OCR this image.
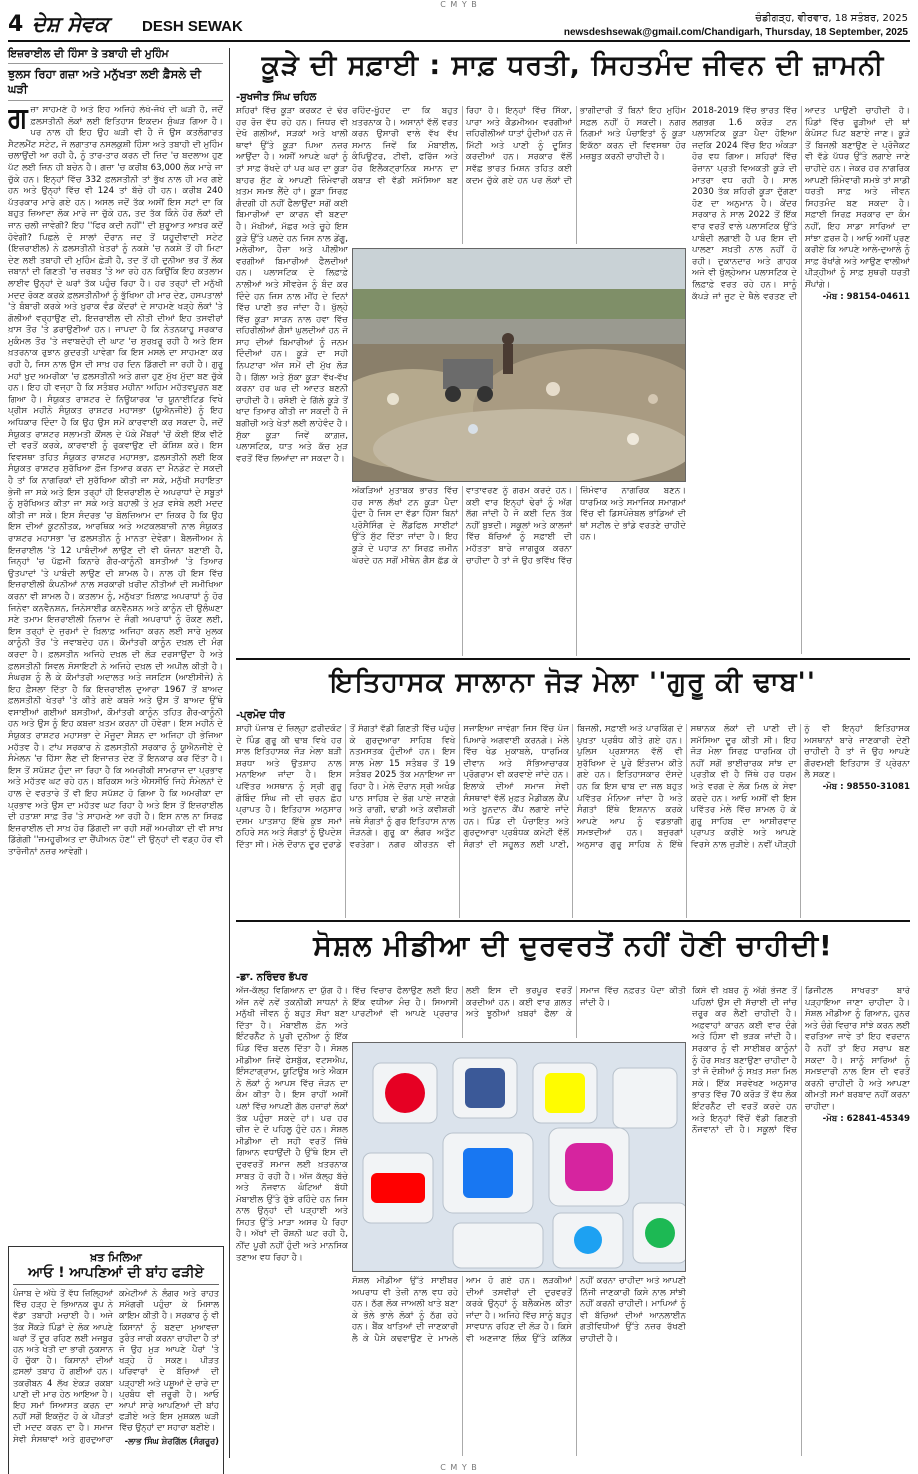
C M Y B
4 ਦੇਸ਼ ਸੇਵਕ DESH SEWAK	ਚੰਡੀਗੜ੍ਹ, ਵੀਰਵਾਰ, 18 ਸਤੰਬਰ, 2025
newsdeshsewak@gmail.com/Chandigarh, Thursday, 18 September, 2025
ਇਜ਼ਰਾਈਲ ਦੀ ਹਿੰਸਾ ਤੇ ਤਬਾਹੀ ਦੀ ਮੁਹਿੰਮ
ਝੁਲਸ ਰਿਹਾ ਗਜ਼ਾ ਅਤੇ ਮਨੁੱਖਤਾ ਲਈ ਫ਼ੈਸਲੇ ਦੀ ਘੜੀ
ਗ ਜ਼ਾ ਸਾਹਮਣੇ ਹੈ ਅਤੇ ਇਹ ਅਜਿਹੇ ਲੇਖੇ-ਜੋਖੇ ਦੀ ਘੜੀ ਹੈ, ਜਦੋਂ ਫ਼ਲਸਤੀਨੀ ਲੋਕਾਂ ਲਈ ਇਤਿਹਾਸ ਇਕਦਮ ਸੁੰਘੜ ਗਿਆ ਹੈ। ਪਰ ਨਾਲ ਹੀ ਇਹ ਉਹ ਘੜੀ ਵੀ ਹੈ ਜੋ ਉਸ ਕਤਲੋਗਾਰਤ ਸੈਟਲਮੈਂਟ ਸਟੇਟ, ਜੋ ਲਗਾਤਾਰ ਨਸਲਕੁਸ਼ੀ ਹਿੰਸਾ ਅਤੇ ਤਬਾਹੀ ਦੀ ਮੁਹਿੰਮ ਚਲਾਉਂਦੀ ਆ ਰਹੀ ਹੈ, ਨੂੰ ਤਾਰ-ਤਾਰ ਕਰਨ ਦੀ ਜ਼ਿਦ 'ਚ ਬਦਲਾਅ ਹੁਣ ਪੱਟ ਲਈ ਜਿਨ ਹੀ ਬਚੇਨ ਹੈ। ਗਜ਼ਾ 'ਚ ਕਰੀਬ 63,000 ਲੋਕ ਮਾਰੇ ਜਾ ਚੁੱਕੇ ਹਨ। ਇਨ੍ਹਾਂ ਵਿੱਚ 332 ਫ਼ਲਸਤੀਨੀ ਤਾਂ ਭੁੱਖ ਨਾਲ ਹੀ ਮਰ ਗਏ ਹਨ ਅਤੇ ਉਨ੍ਹਾਂ ਵਿੱਚ ਵੀ 124 ਤਾਂ ਬੱਚੇ ਹੀ ਹਨ। ਕਰੀਬ 240 ਪੱਤਰਕਾਰ ਮਾਰੇ ਗਏ ਹਨ। ਅਸਲ ਜਦੋਂ ਤੱਕ ਅਸੀਂ ਇਸ ਸਟਾਂ ਦਾ ਕਿ ਬਹੁਤ ਜ਼ਿਆਦਾ ਲੋਕ ਮਾਰੇ ਜਾ ਚੁੱਕੇ ਹਨ, ਤਦ ਤੱਕ ਕਿੰਨੇ ਹੋਰ ਲੋਕਾਂ ਦੀ ਜਾਨ ਚਲੀ ਜਾਵੇਗੀ? ਇਹ ''ਫਿਰ ਕਦੀ ਨਹੀਂ'' ਦੀ ਸ਼ੁਰੂਆਤ ਆਖ਼ਰ ਕਦੋਂ ਹੋਵੇਗੀ? ਪਿਛਲੇ ਦੋ ਸਾਲਾਂ ਦੌਰਾਨ ਜਦ ਤੋਂ ਯਹੂਦੀਵਾਦੀ ਸਟੇਟ (ਇਜ਼ਰਾਈਲ) ਨੇ ਫ਼ਲਸਤੀਨੀ ਖ਼ੇਤਰਾਂ ਨੂੰ ਨਕਸ਼ੇ 'ਚ ਨਕਸ਼ੇ ਤੋਂ ਹੀ ਮਿਟਾ ਦੇਣ ਲਈ ਤਬਾਹੀ ਦੀ ਮੁਹਿੰਮ ਛੇੜੀ ਹੈ, ਤਦ ਤੋਂ ਹੀ ਦੁਨੀਆ ਭਰ ਤੋਂ ਲੋਕ ਜ਼ਬਾਨਾਂ ਦੀ ਗਿਣਤੀ 'ਚ ਜ਼ਰਬਤ 'ਤੇ ਆ ਰਹੇ ਹਨ ਕਿਉਂਕਿ ਇਹ ਕਤਲਾਮ ਲਾਈਵ ਉਨ੍ਹਾਂ ਦੇ ਘਰਾਂ ਤੱਕ ਪਹੁੰਚ ਰਿਹਾ ਹੈ। ਹਰ ਤਰ੍ਹਾਂ ਦੀ ਮਨੁੱਖੀ ਮਦਦ ਰੋਕਣ ਕਰਕੇ ਫ਼ਲਸਤੀਨੀਆਂ ਨੂੰ ਭੁੱਖਿਆ ਹੀ ਮਾਰ ਦੇਣ, ਹਸਪਤਾਲਾਂ 'ਤੇ ਬੰਬਾਰੀ ਕਰਕੇ ਅਤੇ ਖ਼ੁਰਾਕ ਵੰਡ ਕੇਂਦਰਾਂ ਦੇ ਸਾਹਮਣੇ ਖੜ੍ਹੇ ਲੋਕਾਂ 'ਤੇ ਗੋਲੀਆਂ ਵਰ੍ਹਾਉਣ ਦੀ, ਇਜ਼ਰਾਈਲ ਦੀ ਨੀਤੀ ਦੀਆਂ ਇਹ ਤਸਵੀਰਾਂ ਖ਼ਾਸ ਤੌਰ 'ਤੇ ਡਰਾਉਣੀਆਂ ਹਨ। ਜਾਪਦਾ ਹੈ ਕਿ ਨੇਤਨਯਾਹੂ ਸਰਕਾਰ ਮੁਕੰਮਲ ਤੌਰ 'ਤੇ ਜਵਾਬਦੇਹੀ ਦੀ ਘਾਟ 'ਚ ਸੁਰਖ਼ਰੂ ਰਹੀ ਹੈ ਅਤੇ ਇਸ ਖ਼ਤਰਨਾਕ ਰੁਝਾਨ ਕੁਦਰਤੀ ਪਾਵੇਗਾ ਕਿ ਇਸ ਮਸਲੇ ਦਾ ਸਾਹਮਣਾ ਕਰ ਰਹੀ ਹੈ, ਜਿਸ ਨਾਲ ਉਸ ਦੀ ਸਾਖ਼ ਹਰ ਦਿਨ ਡਿੱਗਦੀ ਜਾ ਰਹੀ ਹੈ। ਗੁਰੂ ਮਹਾਂ ਖ਼ੁਦ ਅਮਰੀਕਾ 'ਚ ਫ਼ਲਸਤੀਨੀ ਅਤੇ ਗਜ਼ਾ ਹੁਣ ਮੁੱਖ ਮੁੱਦਾ ਬਣ ਚੁੱਕੇ ਹਨ। ਇਹ ਹੀ ਵਜ੍ਹਾ ਹੈ ਕਿ ਸਤੰਬਰ ਮਹੀਨਾ ਅਹਿਮ ਮਹੱਤਵਪੂਰਨ ਬਣ ਗਿਆ ਹੈ। ਸੰਯੁਕਤ ਰਾਸ਼ਟਰ ਦੇ ਨਿਊਯਾਰਕ 'ਚ ਯੂਨਾਈਟਿਡ ਵਿਖੇ ਪ੍ਰੀਸ ਮਹੀਨੇ ਸੰਯੁਕਤ ਰਾਸ਼ਟਰ ਮਹਾਸਭਾ (ਯੂਐਨਜੀਏ) ਨੂੰ ਇਹ ਅਧਿਕਾਰ ਦਿੰਦਾ ਹੈ ਕਿ ਉਹ ਉਸ ਸਮੇਂ ਕਾਰਵਾਈ ਕਰ ਸਕਦਾ ਹੈ, ਜਦੋਂ ਸੰਯੁਕਤ ਰਾਸ਼ਟਰ ਸਲਾਮਤੀ ਕੌਂਸਲ ਦੇ ਪੱਕੇ ਮੈਂਬਰਾਂ 'ਚੋਂ ਕੋਈ ਇੱਕ ਵੀਟੋ ਦੀ ਵਰਤੋਂ ਕਰਕੇ, ਕਾਰਵਾਈ ਨੂੰ ਰੁਕਵਾਉਣ ਦੀ ਕੋਸ਼ਿਸ਼ ਕਰੇ। ਇਸ ਵਿਵਸਥਾ ਤਹਿਤ ਸੰਯੁਕਤ ਰਾਸ਼ਟਰ ਮਹਾਸਭਾ, ਫ਼ਲਸਤੀਨੀ ਲਈ ਇਕ ਸੰਯੁਕਤ ਰਾਸ਼ਟਰ ਸੁਰੱਖਿਆ ਫ਼ੌਜ ਤਿਆਰ ਕਰਨ ਦਾ ਮੈਨਡੇਟ ਦੇ ਸਕਦੀ ਹੈ ਤਾਂ ਕਿ ਨਾਗਰਿਕਾਂ ਦੀ ਸੁਰੱਖਿਆ ਕੀਤੀ ਜਾ ਸਕੇ, ਮਨੁੱਖੀ ਸਹਾਇਤਾ ਭੇਜੀ ਜਾ ਸਕੇ ਅਤੇ ਇਸ ਤਰ੍ਹਾਂ ਹੀ ਇਜ਼ਰਾਈਲ ਦੇ ਅਪਰਾਧਾਂ ਦੇ ਸਬੂਤਾਂ ਨੂੰ ਸੁਰੱਖਿਅਤ ਕੀਤਾ ਜਾ ਸਕੇ ਅਤੇ ਬਹਾਲੀ ਤੇ ਮੁੜ ਵਸੇਬੇ ਲਈ ਮਦਦ ਕੀਤੀ ਜਾ ਸਕੇ। ਇਸ ਸੰਦਰਭ 'ਚ ਬੋਲਜ਼ਿਆਮ ਦਾ ਜ਼ਿਕਰ ਹੈ ਕਿ ਉਹ ਇਸ ਦੀਆਂ ਕੂਟਨੀਤਕ, ਆਰਥਿਕ ਅਤੇ ਅਟਕਲਬਾਜ਼ੀ ਨਾਲ ਸੰਯੁਕਤ ਰਾਸ਼ਟਰ ਮਹਾਸਭਾ 'ਚ ਫ਼ਲਸਤੀਨ ਨੂੰ ਮਾਨਤਾ ਦੇਵੇਗਾ। ਬੈਲਜੀਅਮ ਨੇ ਇਜ਼ਰਾਈਲ 'ਤੇ 12 ਪਾਬੰਦੀਆਂ ਲਾਉਣ ਦੀ ਵੀ ਯੋਜਨਾ ਬਣਾਈ ਹੈ, ਜਿਨ੍ਹਾਂ 'ਚ ਪੱਛਮੀ ਕਿਨਾਰੇ ਗੈਰ-ਕਾਨੂੰਨੀ ਬਸਤੀਆਂ 'ਤੇ ਤਿਆਰ ਉਤਪਾਦਾਂ 'ਤੇ ਪਾਬੰਦੀ ਲਾਉਣ ਦੀ ਸ਼ਾਮਲ ਹੈ। ਨਾਲ ਹੀ ਇਸ ਵਿੱਚ ਇਜ਼ਰਾਈਲੀ ਕੰਪਨੀਆਂ ਨਾਲ ਸਰਕਾਰੀ ਖ਼ਰੀਦ ਨੀਤੀਆਂ ਦੀ ਸਮੀਖਿਆ ਕਰਨਾ ਵੀ ਸ਼ਾਮਲ ਹੈ। ਕਤਲਾਮ ਨੂੰ, ਮਨੁੱਖਤਾ ਖ਼ਿਲਾਫ਼ ਅਪਰਾਧਾਂ ਨੂੰ ਹੋਰ ਜਿਨੇਵਾ ਕਨਵੈਨਸ਼ਨ, ਜਿਨੇਸਾਈਡ ਕਨਵੈਨਸ਼ਨ ਅਤੇ ਕਾਨੂੰਨ ਦੀ ਉਲੰਘਣਾ ਸਣੇ ਤਮਾਮ ਇਜ਼ਰਾਈਲੀ ਨਿਜ਼ਾਮ ਦੇ ਜੰਗੀ ਅਪਰਾਧਾਂ ਨੂੰ ਰੋਕਣ ਲਈ, ਇਸ ਤਰ੍ਹਾਂ ਦੇ ਜੁਰਮਾਂ ਦੇ ਖ਼ਿਲਾਫ਼ ਅਜਿਹਾ ਕਰਨ ਲਈ ਸਾਰੇ ਮੁਲਕ ਕਾਨੂੰਨੀ ਤੌਰ 'ਤੇ ਜਵਾਬਦੇਹ ਹਨ। ਕੌਮਾਂਤਰੀ ਕਾਨੂੰਨ ਦਖ਼ਲ ਦੀ ਮੰਗ ਕਰਦਾ ਹੈ। ਫ਼ਲਸਤੀਨ ਅਜਿਹੇ ਦਖ਼ਲ ਦੀ ਲੋੜ ਦਰਸਾਉਂਦਾ ਹੈ ਅਤੇ ਫ਼ਲਸਤੀਨੀ ਸਿਵਲ ਸੋਸਾਇਟੀ ਨੇ ਅਜਿਹੇ ਦਖ਼ਲ ਦੀ ਅਪੀਲ ਕੀਤੀ ਹੈ। ਸੰਘਰਸ਼ ਨੂੰ ਲੈ ਕੇ ਕੌਮਾਂਤਰੀ ਅਦਾਲਤ ਅਤੇ ਜਸਟਿਸ (ਆਈਸੀਜੇ) ਨੇ ਇਹ ਫ਼ੈਸਲਾ ਦਿੱਤਾ ਹੈ ਕਿ ਇਜ਼ਰਾਈਲ ਦੁਆਰਾ 1967 ਤੋਂ ਬਾਅਦ ਫ਼ਲਸਤੀਨੀ ਖੇਤਰਾਂ 'ਤੇ ਕੀਤੇ ਗਏ ਕਬਜ਼ੇ ਅਤੇ ਉਸ ਤੋਂ ਬਾਅਦ ਉੱਥੇ ਵਸਾਈਆਂ ਗਈਆਂ ਬਸਤੀਆਂ, ਕੌਮਾਂਤਰੀ ਕਾਨੂੰਨ ਤਹਿਤ ਗੈਰ-ਕਾਨੂੰਨੀ ਹਨ ਅਤੇ ਉਸ ਨੂੰ ਇਹ ਕਬਜ਼ਾ ਖ਼ਤਮ ਕਰਨਾ ਹੀ ਹੋਵੇਗਾ। ਇਸ ਮਹੀਨੇ ਦੇ ਸੰਯੁਕਤ ਰਾਸ਼ਟਰ ਮਹਾਸਭਾ ਦੇ ਮੌਜੂਦਾ ਸੈਸ਼ਨ ਦਾ ਅਜਿਹਾ ਹੀ ਭੇਜਿਆ ਮਹੱਤਵ ਹੈ। ਟਾਂਪ ਸਰਕਾਰ ਨੇ ਫ਼ਲਸਤੀਨੀ ਸਰਕਾਰ ਨੂੰ ਯੂਐਨਜੀਏ ਦੇ ਸੰਮੇਲਨ 'ਚ ਹਿੱਸਾ ਲੈਣ ਦੀ ਇਜਾਜ਼ਤ ਦੇਣ ਤੋਂ ਇਨਕਾਰ ਕਰ ਦਿੱਤਾ ਹੈ। ਇਸ ਤੋਂ ਸਪੱਸ਼ਟ ਹੁੰਦਾ ਜਾ ਰਿਹਾ ਹੈ ਕਿ ਅਮਰੀਕੀ ਸਾਮਰਾਜ ਦਾ ਪ੍ਰਭਾਵ ਅਤੇ ਮਹੱਤਵ ਘਟ ਰਹੇ ਹਨ। ਬਰਿਕਸ ਅਤੇ ਐਸਸੀਓ ਜਿਹੇ ਸੰਮੇਲਨਾਂ ਦੇ ਹਾਲ ਦੇ ਵਰਤਾਰੇ ਤੋਂ ਵੀ ਇਹ ਸਪੱਸ਼ਟ ਹੋ ਗਿਆ ਹੈ ਕਿ ਅਮਰੀਕਾ ਦਾ ਪ੍ਰਭਾਵ ਅਤੇ ਉਸ ਦਾ ਮਹੱਤਵ ਘਟ ਰਿਹਾ ਹੈ ਅਤੇ ਇਸ ਤੋਂ ਇਜ਼ਰਾਈਲ ਦੀ ਹਤਾਸ਼ਾ ਸਾਫ਼ ਤੌਰ 'ਤੇ ਸਾਹਮਣੇ ਆ ਰਹੀ ਹੈ। ਇਸ ਨਾਲ ਨਾ ਸਿਰਫ਼ ਇਜ਼ਰਾਈਲ ਦੀ ਸਾਖ਼ ਹੋਰ ਡਿੱਗਦੀ ਜਾ ਰਹੀ ਸਗੋਂ ਅਮਰੀਕਾ ਦੀ ਵੀ ਸਾਖ਼ ਡਿੱਗੇਗੀ ''ਜਮਹੂਰੀਅਤ ਦਾ ਚੈਂਪੀਅਨ ਹੋਣ'' ਦੀ ਉਨ੍ਹਾਂ ਦੀ ਵਡ੍ਹ ਹੋਰ ਵੀ ਤਾਰੋਜੀਨਾਂ ਨਜ਼ਰ ਆਵੇਗੀ।
ਖ਼ਤ ਮਿਲਿਆ
ਆਓ ! ਆਪਣਿਆਂ ਦੀ ਬਾਂਹ ਫੜੀਏ
ਪੰਜਾਬ ਦੇ ਅੱਧੇ ਤੋਂ ਵੱਧ ਜ਼ਿਲ੍ਹਿਆਂ ਵਿੱਚ ਹੜ੍ਹ ਦੇ ਭਿਆਨਕ ਰੂਪ ਨੇ ਵੱਡਾ ਤਬਾਹੀ ਮਚਾਈ ਹੈ। ਅਜੇ ਤੱਕ ਸੈਂਕੜੇ ਪਿੰਡਾਂ ਦੇ ਲੋਕ ਆਪਣੇ ਘਰਾਂ ਤੋਂ ਦੂਰ ਰਹਿਣ ਲਈ ਮਜਬੂਰ ਹਨ ਅਤੇ ਖੇਤੀ ਦਾ ਭਾਰੀ ਨੁਕਸਾਨ ਹੋ ਚੁੱਕਾ ਹੈ। ਕਿਸਾਨਾਂ ਦੀਆਂ ਫ਼ਸਲਾਂ ਤਬਾਹ ਹੋ ਗਈਆਂ ਹਨ। ਤਕਰੀਬਨ 4 ਲੱਖ ਏਕੜ ਰਕਬਾ ਪਾਣੀ ਦੀ ਮਾਰ ਹੇਠ ਆਇਆ ਹੈ। ਇਹ ਸਮਾਂ ਸਿਆਸਤ ਕਰਨ ਦਾ ਨਹੀਂ ਸਗੋਂ ਇਕਜੁੱਟ ਹੋ ਕੇ ਪੀੜਤਾਂ ਦੀ ਮਦਦ ਕਰਨ ਦਾ ਹੈ। ਸਮਾਜ ਸੇਵੀ ਸੰਸਥਾਵਾਂ ਅਤੇ ਗੁਰਦੁਆਰਾ ਕਮੇਟੀਆਂ ਨੇ ਲੰਗਰ ਅਤੇ ਰਾਹਤ ਸਮੱਗਰੀ ਪਹੁੰਚਾ ਕੇ ਮਿਸਾਲ ਕਾਇਮ ਕੀਤੀ ਹੈ। ਸਰਕਾਰ ਨੂੰ ਵੀ ਕਿਸਾਨਾਂ ਨੂੰ ਬਣਦਾ ਮੁਆਵਜ਼ਾ ਤੁਰੰਤ ਜਾਰੀ ਕਰਨਾ ਚਾਹੀਦਾ ਹੈ ਤਾਂ ਜੋ ਉਹ ਮੁੜ ਆਪਣੇ ਪੈਰਾਂ 'ਤੇ ਖੜ੍ਹੇ ਹੋ ਸਕਣ। ਪੀੜਤ ਪਰਿਵਾਰਾਂ ਦੇ ਬੱਚਿਆਂ ਦੀ ਪੜ੍ਹਾਈ ਅਤੇ ਪਸ਼ੂਆਂ ਦੇ ਚਾਰੇ ਦਾ ਪ੍ਰਬੰਧ ਵੀ ਜ਼ਰੂਰੀ ਹੈ। ਆਓ ਆਪਾਂ ਸਾਰੇ ਆਪਣਿਆਂ ਦੀ ਬਾਂਹ ਫੜੀਏ ਅਤੇ ਇਸ ਮੁਸ਼ਕਲ ਘੜੀ ਵਿੱਚ ਉਨ੍ਹਾਂ ਦਾ ਸਹਾਰਾ ਬਣੀਏ।
-ਲਾਭ ਸਿੰਘ ਸ਼ੇਰਗਿੱਲ (ਸੰਗਰੂਰ)
ਕੂੜੇ ਦੀ ਸਫ਼ਾਈ : ਸਾਫ਼ ਧਰਤੀ, ਸਿਹਤਮੰਦ ਜੀਵਨ ਦੀ ਜ਼ਾਮਨੀ
-ਸੁਖਜੀਤ ਸਿੰਘ ਚਹਿਲ
ਸ਼ਹਿਰਾਂ ਵਿੱਚ ਕੂੜਾ ਕਰਕਟ ਦੇ ਢੇਰ ਹਰ ਰੋਜ਼ ਵੱਧ ਰਹੇ ਹਨ। ਜਿਧਰ ਵੀ ਦੇਖੋ ਗਲੀਆਂ, ਸੜਕਾਂ ਅਤੇ ਖਾਲੀ ਥਾਵਾਂ ਉੱਤੇ ਕੂੜਾ ਪਿਆ ਨਜ਼ਰ ਆਉਂਦਾ ਹੈ। ਅਸੀਂ ਆਪਣੇ ਘਰਾਂ ਨੂੰ ਤਾਂ ਸਾਫ਼ ਰੱਖਦੇ ਹਾਂ ਪਰ ਘਰ ਦਾ ਕੂੜਾ ਬਾਹਰ ਸੁੱਟ ਕੇ ਆਪਣੀ ਜ਼ਿੰਮੇਵਾਰੀ ਖ਼ਤਮ ਸਮਝ ਲੈਂਦੇ ਹਾਂ। ਕੂੜਾ ਸਿਰਫ਼ ਗੰਦਗੀ ਹੀ ਨਹੀਂ ਫੈਲਾਉਂਦਾ ਸਗੋਂ ਕਈ ਬਿਮਾਰੀਆਂ ਦਾ ਕਾਰਨ ਵੀ ਬਣਦਾ ਹੈ। ਮੱਖੀਆਂ, ਮੱਛਰ ਅਤੇ ਚੂਹੇ ਇਸ ਕੂੜੇ ਉੱਤੇ ਪਲਦੇ ਹਨ ਜਿਸ ਨਾਲ ਡੇਂਗੂ, ਮਲੇਰੀਆ, ਹੈਜ਼ਾ ਅਤੇ ਪੀਲੀਆ ਵਰਗੀਆਂ ਬਿਮਾਰੀਆਂ ਫੈਲਦੀਆਂ ਹਨ। ਪਲਾਸਟਿਕ ਦੇ ਲਿਫ਼ਾਫ਼ੇ ਨਾਲੀਆਂ ਅਤੇ ਸੀਵਰੇਜ ਨੂੰ ਬੰਦ ਕਰ ਦਿੰਦੇ ਹਨ ਜਿਸ ਨਾਲ ਮੀਂਹ ਦੇ ਦਿਨਾਂ ਵਿੱਚ ਪਾਣੀ ਭਰ ਜਾਂਦਾ ਹੈ। ਖੁੱਲ੍ਹੇ ਵਿੱਚ ਕੂੜਾ ਸਾੜਨ ਨਾਲ ਹਵਾ ਵਿੱਚ ਜ਼ਹਿਰੀਲੀਆਂ ਗੈਸਾਂ ਘੁਲਦੀਆਂ ਹਨ ਜੋ ਸਾਹ ਦੀਆਂ ਬਿਮਾਰੀਆਂ ਨੂੰ ਜਨਮ ਦਿੰਦੀਆਂ ਹਨ। ਕੂੜੇ ਦਾ ਸਹੀ ਨਿਪਟਾਰਾ ਅੱਜ ਸਮੇਂ ਦੀ ਮੁੱਖ ਲੋੜ ਹੈ। ਗਿੱਲਾ ਅਤੇ ਸੁੱਕਾ ਕੂੜਾ ਵੱਖ-ਵੱਖ ਕਰਨਾ ਹਰ ਘਰ ਦੀ ਆਦਤ ਬਣਨੀ ਚਾਹੀਦੀ ਹੈ। ਰਸੋਈ ਦੇ ਗਿੱਲੇ ਕੂੜੇ ਤੋਂ ਖਾਦ ਤਿਆਰ ਕੀਤੀ ਜਾ ਸਕਦੀ ਹੈ ਜੋ ਬਗੀਚੀ ਅਤੇ ਖੇਤਾਂ ਲਈ ਲਾਹੇਵੰਦ ਹੈ। ਸੁੱਕਾ ਕੂੜਾ ਜਿਵੇਂ ਕਾਗ਼ਜ਼, ਪਲਾਸਟਿਕ, ਧਾਤ ਅਤੇ ਕੱਚ ਮੁੜ ਵਰਤੋਂ ਵਿੱਚ ਲਿਆਂਦਾ ਜਾ ਸਕਦਾ ਹੈ।
ਰਹਿੰਦ-ਖੂੰਹਦ ਦਾ ਕਿ ਬਹੁਤ ਖ਼ਤਰਨਾਕ ਹੈ। ਅਸਾਨਾਂ ਵੱਲੋਂ ਵਰਤ ਕਰਨ ਉਸਾਰੀ ਵਾਲੇ ਵੱਖ ਵੱਖ ਸਮਾਨ ਜਿਵੇਂ ਕਿ ਮੋਬਾਈਲ, ਕੰਪਿਊਟਰ, ਟੀਵੀ, ਫਰਿੱਜ ਅਤੇ ਹੋਰ ਇਲੈਕਟ੍ਰਾਨਿਕ ਸਮਾਨ ਦਾ ਕਬਾੜ ਵੀ ਵੱਡੀ ਸਮੱਸਿਆ ਬਣ ਰਿਹਾ ਹੈ। ਇਨ੍ਹਾਂ ਵਿੱਚ ਸਿੱਕਾ, ਪਾਰਾ ਅਤੇ ਕੈਡਮੀਅਮ ਵਰਗੀਆਂ ਜ਼ਹਿਰੀਲੀਆਂ ਧਾਤਾਂ ਹੁੰਦੀਆਂ ਹਨ ਜੋ ਮਿੱਟੀ ਅਤੇ ਪਾਣੀ ਨੂੰ ਦੂਸ਼ਿਤ ਕਰਦੀਆਂ ਹਨ। ਸਰਕਾਰ ਵੱਲੋਂ ਸਵੱਛ ਭਾਰਤ ਮਿਸ਼ਨ ਤਹਿਤ ਕਈ ਕਦਮ ਚੁੱਕੇ ਗਏ ਹਨ ਪਰ ਲੋਕਾਂ ਦੀ ਭਾਗੀਦਾਰੀ ਤੋਂ ਬਿਨਾਂ ਇਹ ਮੁਹਿੰਮ ਸਫ਼ਲ ਨਹੀਂ ਹੋ ਸਕਦੀ। ਨਗਰ ਨਿਗਮਾਂ ਅਤੇ ਪੰਚਾਇਤਾਂ ਨੂੰ ਕੂੜਾ ਇਕੱਠਾ ਕਰਨ ਦੀ ਵਿਵਸਥਾ ਹੋਰ ਮਜ਼ਬੂਤ ਕਰਨੀ ਚਾਹੀਦੀ ਹੈ।
ਅੰਕੜਿਆਂ ਮੁਤਾਬਕ ਭਾਰਤ ਵਿੱਚ ਹਰ ਸਾਲ ਲੱਖਾਂ ਟਨ ਕੂੜਾ ਪੈਦਾ ਹੁੰਦਾ ਹੈ ਜਿਸ ਦਾ ਵੱਡਾ ਹਿੱਸਾ ਬਿਨਾਂ ਪ੍ਰੋਸੈਸਿੰਗ ਦੇ ਲੈਂਡਫਿਲ ਸਾਈਟਾਂ ਉੱਤੇ ਸੁੱਟ ਦਿੱਤਾ ਜਾਂਦਾ ਹੈ। ਇਹ ਕੂੜੇ ਦੇ ਪਹਾੜ ਨਾ ਸਿਰਫ਼ ਜ਼ਮੀਨ ਘੇਰਦੇ ਹਨ ਸਗੋਂ ਮੀਥੇਨ ਗੈਸ ਛੱਡ ਕੇ ਵਾਤਾਵਰਣ ਨੂੰ ਗਰਮ ਕਰਦੇ ਹਨ। ਕਈ ਵਾਰ ਇਨ੍ਹਾਂ ਢੇਰਾਂ ਨੂੰ ਅੱਗ ਲੱਗ ਜਾਂਦੀ ਹੈ ਜੋ ਕਈ ਦਿਨ ਤੱਕ ਨਹੀਂ ਬੁਝਦੀ। ਸਕੂਲਾਂ ਅਤੇ ਕਾਲਜਾਂ ਵਿੱਚ ਬੱਚਿਆਂ ਨੂੰ ਸਫ਼ਾਈ ਦੀ ਮਹੱਤਤਾ ਬਾਰੇ ਜਾਗਰੂਕ ਕਰਨਾ ਚਾਹੀਦਾ ਹੈ ਤਾਂ ਜੋ ਉਹ ਭਵਿੱਖ ਵਿੱਚ ਜ਼ਿੰਮੇਵਾਰ ਨਾਗਰਿਕ ਬਣਨ। ਧਾਰਮਿਕ ਅਤੇ ਸਮਾਜਿਕ ਸਮਾਗਮਾਂ ਵਿੱਚ ਵੀ ਡਿਸਪੋਜ਼ੇਬਲ ਭਾਂਡਿਆਂ ਦੀ ਥਾਂ ਸਟੀਲ ਦੇ ਭਾਂਡੇ ਵਰਤਣੇ ਚਾਹੀਦੇ ਹਨ।
2018-2019 ਵਿੱਚ ਭਾਰਤ ਵਿੱਚ ਲਗਭਗ 1.6 ਕਰੋੜ ਟਨ ਪਲਾਸਟਿਕ ਕੂੜਾ ਪੈਦਾ ਹੋਇਆ ਜਦਕਿ 2024 ਵਿੱਚ ਇਹ ਅੰਕੜਾ ਹੋਰ ਵਧ ਗਿਆ। ਸ਼ਹਿਰਾਂ ਵਿੱਚ ਰੋਜ਼ਾਨਾ ਪ੍ਰਤੀ ਵਿਅਕਤੀ ਕੂੜੇ ਦੀ ਮਾਤਰਾ ਵਧ ਰਹੀ ਹੈ। ਸਾਲ 2030 ਤੱਕ ਸ਼ਹਿਰੀ ਕੂੜਾ ਦੁੱਗਣਾ ਹੋਣ ਦਾ ਅਨੁਮਾਨ ਹੈ। ਕੇਂਦਰ ਸਰਕਾਰ ਨੇ ਸਾਲ 2022 ਤੋਂ ਇੱਕ ਵਾਰ ਵਰਤੋਂ ਵਾਲੇ ਪਲਾਸਟਿਕ ਉੱਤੇ ਪਾਬੰਦੀ ਲਗਾਈ ਹੈ ਪਰ ਇਸ ਦੀ ਪਾਲਣਾ ਸਖ਼ਤੀ ਨਾਲ ਨਹੀਂ ਹੋ ਰਹੀ। ਦੁਕਾਨਦਾਰ ਅਤੇ ਗਾਹਕ ਅਜੇ ਵੀ ਖੁੱਲ੍ਹੇਆਮ ਪਲਾਸਟਿਕ ਦੇ ਲਿਫ਼ਾਫ਼ੇ ਵਰਤ ਰਹੇ ਹਨ। ਸਾਨੂੰ ਕੱਪੜੇ ਜਾਂ ਜੂਟ ਦੇ ਥੈਲੇ ਵਰਤਣ ਦੀ ਆਦਤ ਪਾਉਣੀ ਚਾਹੀਦੀ ਹੈ। ਪਿੰਡਾਂ ਵਿੱਚ ਰੂੜੀਆਂ ਦੀ ਥਾਂ ਕੰਪੋਸਟ ਪਿਟ ਬਣਾਏ ਜਾਣ। ਕੂੜੇ ਤੋਂ ਬਿਜਲੀ ਬਣਾਉਣ ਦੇ ਪ੍ਰੋਜੈਕਟ ਵੀ ਵੱਡੇ ਪੱਧਰ ਉੱਤੇ ਲਗਾਏ ਜਾਣੇ ਚਾਹੀਦੇ ਹਨ। ਜੇਕਰ ਹਰ ਨਾਗਰਿਕ ਆਪਣੀ ਜ਼ਿੰਮੇਵਾਰੀ ਸਮਝੇ ਤਾਂ ਸਾਡੀ ਧਰਤੀ ਸਾਫ਼ ਅਤੇ ਜੀਵਨ ਸਿਹਤਮੰਦ ਬਣ ਸਕਦਾ ਹੈ। ਸਫ਼ਾਈ ਸਿਰਫ਼ ਸਰਕਾਰ ਦਾ ਕੰਮ ਨਹੀਂ, ਇਹ ਸਾਡਾ ਸਾਰਿਆਂ ਦਾ ਸਾਂਝਾ ਫ਼ਰਜ਼ ਹੈ। ਆਓ ਅਸੀਂ ਪ੍ਰਣ ਕਰੀਏ ਕਿ ਆਪਣੇ ਆਲੇ-ਦੁਆਲੇ ਨੂੰ ਸਾਫ਼ ਰੱਖਾਂਗੇ ਅਤੇ ਆਉਣ ਵਾਲੀਆਂ ਪੀੜ੍ਹੀਆਂ ਨੂੰ ਸਾਫ਼ ਸੁਥਰੀ ਧਰਤੀ ਸੌਂਪਾਂਗੇ।
-ਮੋਬ : 98154-04611
ਇਤਿਹਾਸਕ ਸਾਲਾਨਾ ਜੋੜ ਮੇਲਾ ''ਗੁਰੂ ਕੀ ਢਾਬ''
-ਪ੍ਰਮੋਦ ਧੀਰ
ਸ਼ਾਹੀ ਪੰਜਾਬ ਦੇ ਜ਼ਿਲ੍ਹਾ ਫ਼ਰੀਦਕੋਟ ਦੇ ਪਿੰਡ ਗੁਰੂ ਕੀ ਢਾਬ ਵਿਖੇ ਹਰ ਸਾਲ ਇਤਿਹਾਸਕ ਜੋੜ ਮੇਲਾ ਬੜੀ ਸ਼ਰਧਾ ਅਤੇ ਉਤਸ਼ਾਹ ਨਾਲ ਮਨਾਇਆ ਜਾਂਦਾ ਹੈ। ਇਸ ਪਵਿੱਤਰ ਅਸਥਾਨ ਨੂੰ ਸ੍ਰੀ ਗੁਰੂ ਗੋਬਿੰਦ ਸਿੰਘ ਜੀ ਦੀ ਚਰਨ ਛੋਹ ਪ੍ਰਾਪਤ ਹੈ। ਇਤਿਹਾਸ ਅਨੁਸਾਰ ਦਸਮ ਪਾਤਸ਼ਾਹ ਇੱਥੇ ਕੁਝ ਸਮਾਂ ਠਹਿਰੇ ਸਨ ਅਤੇ ਸੰਗਤਾਂ ਨੂੰ ਉਪਦੇਸ਼ ਦਿੱਤਾ ਸੀ। ਮੇਲੇ ਦੌਰਾਨ ਦੂਰ ਦੁਰਾਡੇ ਤੋਂ ਸੰਗਤਾਂ ਵੱਡੀ ਗਿਣਤੀ ਵਿੱਚ ਪਹੁੰਚ ਕੇ ਗੁਰਦੁਆਰਾ ਸਾਹਿਬ ਵਿਖੇ ਨਤਮਸਤਕ ਹੁੰਦੀਆਂ ਹਨ। ਇਸ ਸਾਲ ਮੇਲਾ 15 ਸਤੰਬਰ ਤੋਂ 19 ਸਤੰਬਰ 2025 ਤੱਕ ਮਨਾਇਆ ਜਾ ਰਿਹਾ ਹੈ। ਮੇਲੇ ਦੌਰਾਨ ਸ੍ਰੀ ਅਖੰਡ ਪਾਠ ਸਾਹਿਬ ਦੇ ਭੋਗ ਪਾਏ ਜਾਣਗੇ ਅਤੇ ਰਾਗੀ, ਢਾਡੀ ਅਤੇ ਕਵੀਸ਼ਰੀ ਜਥੇ ਸੰਗਤਾਂ ਨੂੰ ਗੁਰ ਇਤਿਹਾਸ ਨਾਲ ਜੋੜਨਗੇ। ਗੁਰੂ ਕਾ ਲੰਗਰ ਅਤੁੱਟ ਵਰਤੇਗਾ। ਨਗਰ ਕੀਰਤਨ ਵੀ ਸਜਾਇਆ ਜਾਵੇਗਾ ਜਿਸ ਵਿੱਚ ਪੰਜ ਪਿਆਰੇ ਅਗਵਾਈ ਕਰਨਗੇ। ਮੇਲੇ ਵਿੱਚ ਖੇਡ ਮੁਕਾਬਲੇ, ਧਾਰਮਿਕ ਦੀਵਾਨ ਅਤੇ ਸੱਭਿਆਚਾਰਕ ਪ੍ਰੋਗਰਾਮ ਵੀ ਕਰਵਾਏ ਜਾਂਦੇ ਹਨ। ਇਲਾਕੇ ਦੀਆਂ ਸਮਾਜ ਸੇਵੀ ਸੰਸਥਾਵਾਂ ਵੱਲੋਂ ਮੁਫ਼ਤ ਮੈਡੀਕਲ ਕੈਂਪ ਅਤੇ ਖ਼ੂਨਦਾਨ ਕੈਂਪ ਲਗਾਏ ਜਾਂਦੇ ਹਨ। ਪਿੰਡ ਦੀ ਪੰਚਾਇਤ ਅਤੇ ਗੁਰਦੁਆਰਾ ਪ੍ਰਬੰਧਕ ਕਮੇਟੀ ਵੱਲੋਂ ਸੰਗਤਾਂ ਦੀ ਸਹੂਲਤ ਲਈ ਪਾਣੀ, ਬਿਜਲੀ, ਸਫ਼ਾਈ ਅਤੇ ਪਾਰਕਿੰਗ ਦੇ ਪੁਖ਼ਤਾ ਪ੍ਰਬੰਧ ਕੀਤੇ ਗਏ ਹਨ। ਪੁਲਿਸ ਪ੍ਰਸ਼ਾਸਨ ਵੱਲੋਂ ਵੀ ਸੁਰੱਖਿਆ ਦੇ ਪੂਰੇ ਇੰਤਜ਼ਾਮ ਕੀਤੇ ਗਏ ਹਨ। ਇਤਿਹਾਸਕਾਰ ਦੱਸਦੇ ਹਨ ਕਿ ਇਸ ਢਾਬ ਦਾ ਜਲ ਬਹੁਤ ਪਵਿੱਤਰ ਮੰਨਿਆ ਜਾਂਦਾ ਹੈ ਅਤੇ ਸੰਗਤਾਂ ਇੱਥੇ ਇਸ਼ਨਾਨ ਕਰਕੇ ਆਪਣੇ ਆਪ ਨੂੰ ਵਡਭਾਗੀ ਸਮਝਦੀਆਂ ਹਨ। ਬਜ਼ੁਰਗਾਂ ਅਨੁਸਾਰ ਗੁਰੂ ਸਾਹਿਬ ਨੇ ਇੱਥੇ ਸਥਾਨਕ ਲੋਕਾਂ ਦੀ ਪਾਣੀ ਦੀ ਸਮੱਸਿਆ ਦੂਰ ਕੀਤੀ ਸੀ। ਇਹ ਜੋੜ ਮੇਲਾ ਸਿਰਫ਼ ਧਾਰਮਿਕ ਹੀ ਨਹੀਂ ਸਗੋਂ ਭਾਈਚਾਰਕ ਸਾਂਝ ਦਾ ਪ੍ਰਤੀਕ ਵੀ ਹੈ ਜਿੱਥੇ ਹਰ ਧਰਮ ਅਤੇ ਵਰਗ ਦੇ ਲੋਕ ਮਿਲ ਕੇ ਸੇਵਾ ਕਰਦੇ ਹਨ। ਆਓ ਅਸੀਂ ਵੀ ਇਸ ਪਵਿੱਤਰ ਮੇਲੇ ਵਿੱਚ ਸ਼ਾਮਲ ਹੋ ਕੇ ਗੁਰੂ ਸਾਹਿਬ ਦਾ ਆਸ਼ੀਰਵਾਦ ਪ੍ਰਾਪਤ ਕਰੀਏ ਅਤੇ ਆਪਣੇ ਵਿਰਸੇ ਨਾਲ ਜੁੜੀਏ। ਨਵੀਂ ਪੀੜ੍ਹੀ ਨੂੰ ਵੀ ਇਨ੍ਹਾਂ ਇਤਿਹਾਸਕ ਅਸਥਾਨਾਂ ਬਾਰੇ ਜਾਣਕਾਰੀ ਦੇਣੀ ਚਾਹੀਦੀ ਹੈ ਤਾਂ ਜੋ ਉਹ ਆਪਣੇ ਗੌਰਵਮਈ ਇਤਿਹਾਸ ਤੋਂ ਪ੍ਰੇਰਨਾ ਲੈ ਸਕਣ।
-ਮੋਬ : 98550-31081
ਸੋਸ਼ਲ ਮੀਡੀਆ ਦੀ ਦੁਰਵਰਤੋਂ ਨਹੀਂ ਹੋਣੀ ਚਾਹੀਦੀ!
-ਡਾ. ਨਰਿੰਦਰ ਭੱਪਰ
ਅੱਜ-ਕੱਲ੍ਹ ਵਿਗਿਆਨ ਦਾ ਯੁੱਗ ਹੈ। ਅੱਜ ਨਵੇਂ ਨਵੇਂ ਤਕਨੀਕੀ ਸਾਧਨਾਂ ਨੇ ਮਨੁੱਖੀ ਜੀਵਨ ਨੂੰ ਬਹੁਤ ਸੌਖਾ ਬਣਾ ਦਿੱਤਾ ਹੈ। ਮੋਬਾਈਲ ਫ਼ੋਨ ਅਤੇ ਇੰਟਰਨੈੱਟ ਨੇ ਪੂਰੀ ਦੁਨੀਆ ਨੂੰ ਇੱਕ ਪਿੰਡ ਵਿੱਚ ਬਦਲ ਦਿੱਤਾ ਹੈ। ਸੋਸ਼ਲ ਮੀਡੀਆ ਜਿਵੇਂ ਫੇਸਬੁੱਕ, ਵਟਸਐਪ, ਇੰਸਟਾਗ੍ਰਾਮ, ਯੂਟਿਊਬ ਅਤੇ ਐਕਸ ਨੇ ਲੋਕਾਂ ਨੂੰ ਆਪਸ ਵਿੱਚ ਜੋੜਨ ਦਾ ਕੰਮ ਕੀਤਾ ਹੈ। ਇਸ ਰਾਹੀਂ ਅਸੀਂ ਪਲਾਂ ਵਿੱਚ ਆਪਣੀ ਗੱਲ ਹਜ਼ਾਰਾਂ ਲੋਕਾਂ ਤੱਕ ਪਹੁੰਚਾ ਸਕਦੇ ਹਾਂ। ਪਰ ਹਰ ਚੀਜ਼ ਦੇ ਦੋ ਪਹਿਲੂ ਹੁੰਦੇ ਹਨ। ਸੋਸ਼ਲ ਮੀਡੀਆ ਦੀ ਸਹੀ ਵਰਤੋਂ ਜਿੱਥੇ ਗਿਆਨ ਵਧਾਉਂਦੀ ਹੈ ਉੱਥੇ ਇਸ ਦੀ ਦੁਰਵਰਤੋਂ ਸਮਾਜ ਲਈ ਖ਼ਤਰਨਾਕ ਸਾਬਤ ਹੋ ਰਹੀ ਹੈ। ਅੱਜ ਕੱਲ੍ਹ ਬੱਚੇ ਅਤੇ ਨੌਜਵਾਨ ਘੰਟਿਆਂ ਬੱਧੀ ਮੋਬਾਈਲ ਉੱਤੇ ਰੁੱਝੇ ਰਹਿੰਦੇ ਹਨ ਜਿਸ ਨਾਲ ਉਨ੍ਹਾਂ ਦੀ ਪੜ੍ਹਾਈ ਅਤੇ ਸਿਹਤ ਉੱਤੇ ਮਾੜਾ ਅਸਰ ਪੈ ਰਿਹਾ ਹੈ। ਅੱਖਾਂ ਦੀ ਰੌਸ਼ਨੀ ਘਟ ਰਹੀ ਹੈ, ਨੀਂਦ ਪੂਰੀ ਨਹੀਂ ਹੁੰਦੀ ਅਤੇ ਮਾਨਸਿਕ ਤਣਾਅ ਵਧ ਰਿਹਾ ਹੈ।
ਵਿੱਚ ਵਿਚਾਰ ਫੈਲਾਉਣ ਲਈ ਇਹ ਇੱਕ ਵਧੀਆ ਮੰਚ ਹੈ। ਸਿਆਸੀ ਪਾਰਟੀਆਂ ਵੀ ਆਪਣੇ ਪ੍ਰਚਾਰ ਲਈ ਇਸ ਦੀ ਭਰਪੂਰ ਵਰਤੋਂ ਕਰਦੀਆਂ ਹਨ। ਕਈ ਵਾਰ ਗ਼ਲਤ ਅਤੇ ਝੂਠੀਆਂ ਖ਼ਬਰਾਂ ਫੈਲਾ ਕੇ ਸਮਾਜ ਵਿੱਚ ਨਫ਼ਰਤ ਪੈਦਾ ਕੀਤੀ ਜਾਂਦੀ ਹੈ।
ਸੋਸ਼ਲ ਮੀਡੀਆ ਉੱਤੇ ਸਾਈਬਰ ਅਪਰਾਧ ਵੀ ਤੇਜ਼ੀ ਨਾਲ ਵਧ ਰਹੇ ਹਨ। ਠੱਗ ਲੋਕ ਜਾਅਲੀ ਖਾਤੇ ਬਣਾ ਕੇ ਭੋਲੇ ਭਾਲੇ ਲੋਕਾਂ ਨੂੰ ਠੱਗ ਰਹੇ ਹਨ। ਬੈਂਕ ਖਾਤਿਆਂ ਦੀ ਜਾਣਕਾਰੀ ਲੈ ਕੇ ਪੈਸੇ ਕਢਵਾਉਣ ਦੇ ਮਾਮਲੇ ਆਮ ਹੋ ਗਏ ਹਨ। ਲੜਕੀਆਂ ਦੀਆਂ ਤਸਵੀਰਾਂ ਦੀ ਦੁਰਵਰਤੋਂ ਕਰਕੇ ਉਨ੍ਹਾਂ ਨੂੰ ਬਲੈਕਮੇਲ ਕੀਤਾ ਜਾਂਦਾ ਹੈ। ਅਜਿਹੇ ਵਿੱਚ ਸਾਨੂੰ ਬਹੁਤ ਸਾਵਧਾਨ ਰਹਿਣ ਦੀ ਲੋੜ ਹੈ। ਕਿਸੇ ਵੀ ਅਣਜਾਣ ਲਿੰਕ ਉੱਤੇ ਕਲਿੱਕ ਨਹੀਂ ਕਰਨਾ ਚਾਹੀਦਾ ਅਤੇ ਆਪਣੀ ਨਿੱਜੀ ਜਾਣਕਾਰੀ ਕਿਸੇ ਨਾਲ ਸਾਂਝੀ ਨਹੀਂ ਕਰਨੀ ਚਾਹੀਦੀ। ਮਾਪਿਆਂ ਨੂੰ ਵੀ ਬੱਚਿਆਂ ਦੀਆਂ ਆਨਲਾਈਨ ਗਤੀਵਿਧੀਆਂ ਉੱਤੇ ਨਜ਼ਰ ਰੱਖਣੀ ਚਾਹੀਦੀ ਹੈ।
ਕਿਸੇ ਵੀ ਖ਼ਬਰ ਨੂੰ ਅੱਗੇ ਭੇਜਣ ਤੋਂ ਪਹਿਲਾਂ ਉਸ ਦੀ ਸੱਚਾਈ ਦੀ ਜਾਂਚ ਜ਼ਰੂਰ ਕਰ ਲੈਣੀ ਚਾਹੀਦੀ ਹੈ। ਅਫ਼ਵਾਹਾਂ ਕਾਰਨ ਕਈ ਵਾਰ ਦੰਗੇ ਅਤੇ ਹਿੰਸਾ ਵੀ ਭੜਕ ਜਾਂਦੀ ਹੈ। ਸਰਕਾਰ ਨੂੰ ਵੀ ਸਾਈਬਰ ਕਾਨੂੰਨਾਂ ਨੂੰ ਹੋਰ ਸਖ਼ਤ ਬਣਾਉਣਾ ਚਾਹੀਦਾ ਹੈ ਤਾਂ ਜੋ ਦੋਸ਼ੀਆਂ ਨੂੰ ਸਖ਼ਤ ਸਜ਼ਾ ਮਿਲ ਸਕੇ। ਇੱਕ ਸਰਵੇਖਣ ਅਨੁਸਾਰ ਭਾਰਤ ਵਿੱਚ 70 ਕਰੋੜ ਤੋਂ ਵੱਧ ਲੋਕ ਇੰਟਰਨੈੱਟ ਦੀ ਵਰਤੋਂ ਕਰਦੇ ਹਨ ਅਤੇ ਇਨ੍ਹਾਂ ਵਿੱਚੋਂ ਵੱਡੀ ਗਿਣਤੀ ਨੌਜਵਾਨਾਂ ਦੀ ਹੈ। ਸਕੂਲਾਂ ਵਿੱਚ ਡਿਜੀਟਲ ਸਾਖਰਤਾ ਬਾਰੇ ਪੜ੍ਹਾਇਆ ਜਾਣਾ ਚਾਹੀਦਾ ਹੈ। ਸੋਸ਼ਲ ਮੀਡੀਆ ਨੂੰ ਗਿਆਨ, ਹੁਨਰ ਅਤੇ ਚੰਗੇ ਵਿਚਾਰ ਸਾਂਝੇ ਕਰਨ ਲਈ ਵਰਤਿਆ ਜਾਵੇ ਤਾਂ ਇਹ ਵਰਦਾਨ ਹੈ ਨਹੀਂ ਤਾਂ ਇਹ ਸਰਾਪ ਬਣ ਸਕਦਾ ਹੈ। ਸਾਨੂੰ ਸਾਰਿਆਂ ਨੂੰ ਸਮਝਦਾਰੀ ਨਾਲ ਇਸ ਦੀ ਵਰਤੋਂ ਕਰਨੀ ਚਾਹੀਦੀ ਹੈ ਅਤੇ ਆਪਣਾ ਕੀਮਤੀ ਸਮਾਂ ਬਰਬਾਦ ਨਹੀਂ ਕਰਨਾ ਚਾਹੀਦਾ।
-ਮੋਬ : 62841-45349
C M Y B
